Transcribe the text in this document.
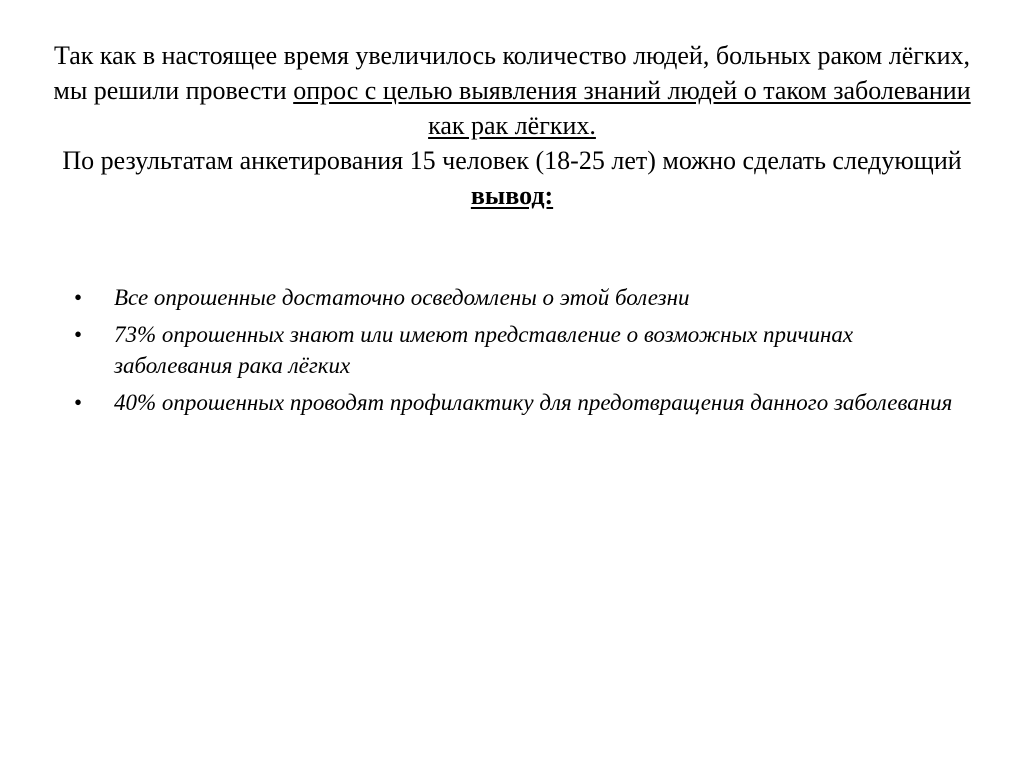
Так как в настоящее время увеличилось количество людей, больных раком лёгких, мы решили провести опрос с целью выявления знаний людей о таком заболевании как рак лёгких.
По результатам анкетирования 15 человек (18-25 лет) можно сделать следующий вывод:
• Все опрошенные достаточно осведомлены о этой болезни
• 73% опрошенных знают или имеют представление о возможных причинах заболевания рака лёгких
• 40% опрошенных проводят профилактику для предотвращения данного заболевания
